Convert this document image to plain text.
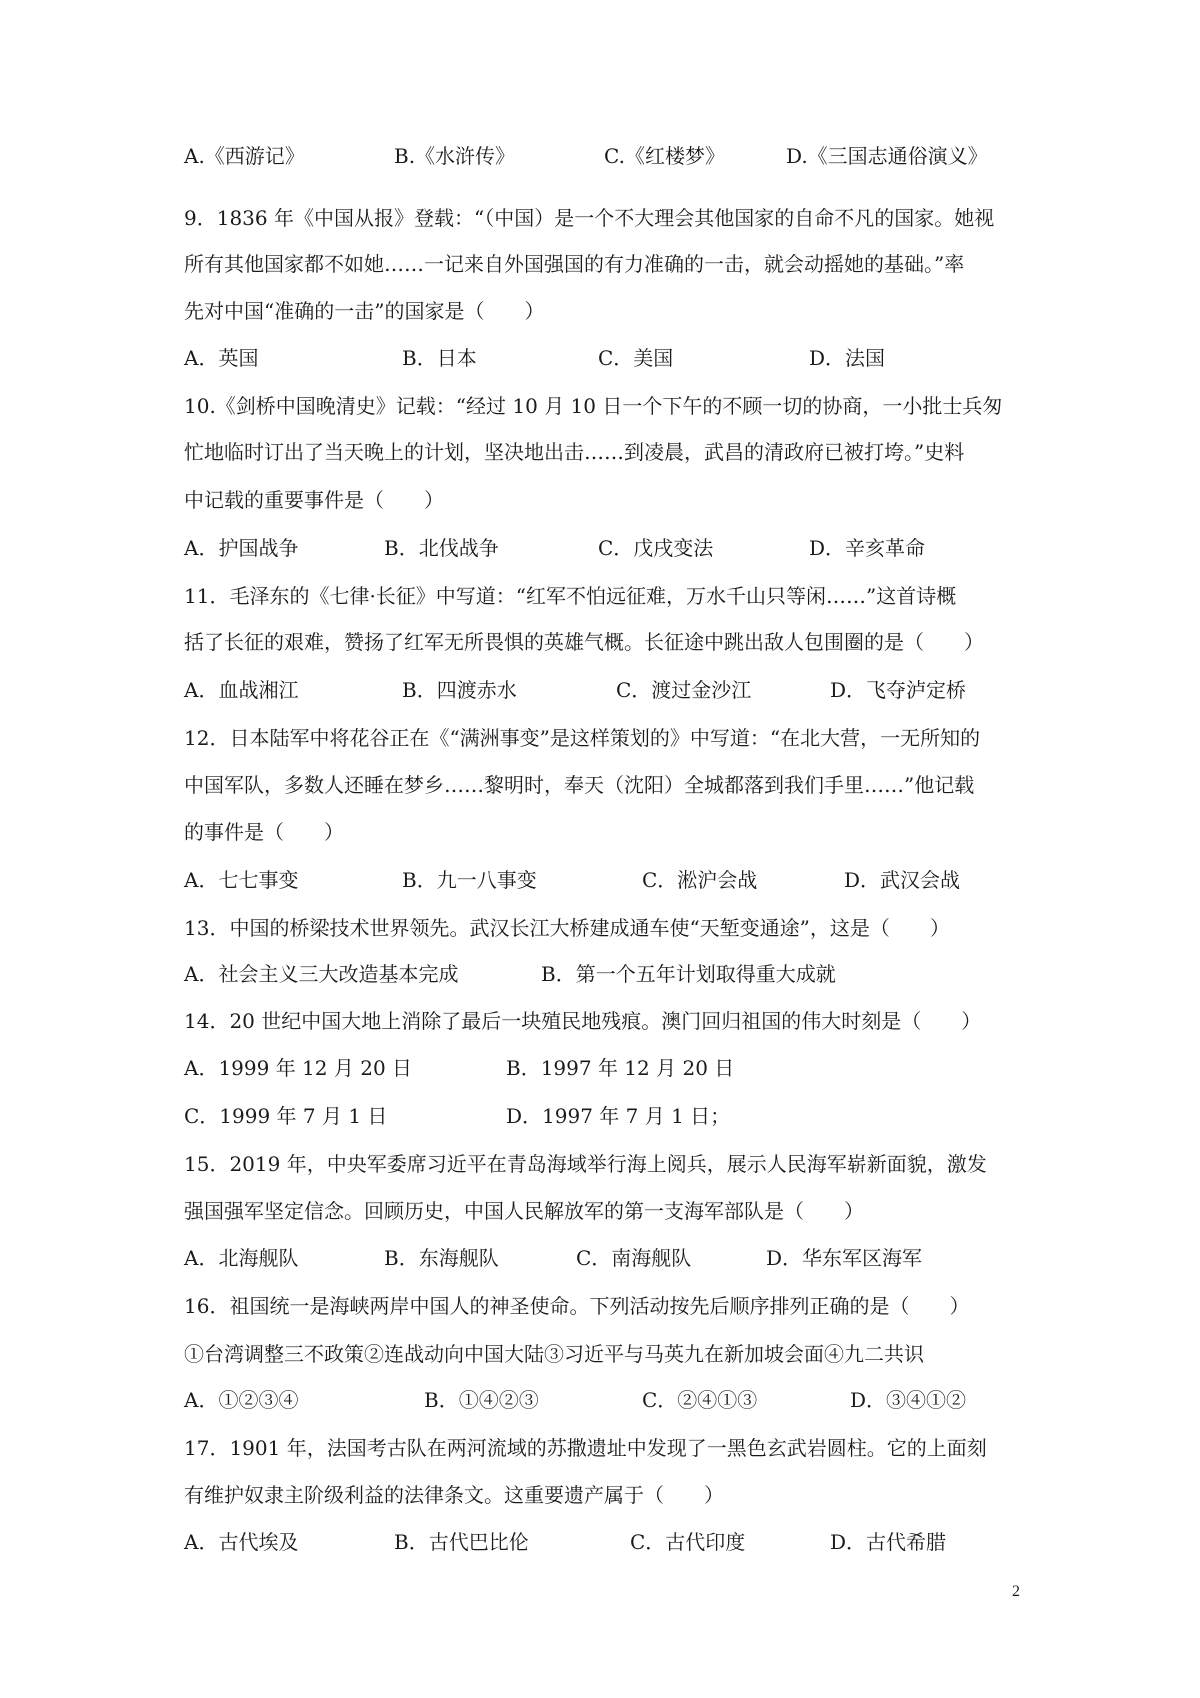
A.《西游记》	B.《水浒传》	C.《红楼梦》	D.《三国志通俗演义》
9．1836 年《中国从报》登载：“（中国）是一个不大理会其他国家的自命不凡的国家。她视
所有其他国家都不如她……一记来自外国强国的有力准确的一击，就会动摇她的基础。”率
先对中国“准确的一击”的国家是（　　）
A．英国	B．日本	C．美国	D．法国
10.《剑桥中国晚清史》记载：“经过 10 月 10 日一个下午的不顾一切的协商，一小批士兵匆
忙地临时订出了当天晚上的计划，坚决地出击……到凌晨，武昌的清政府已被打垮。”史料
中记载的重要事件是（　　）
A．护国战争	B．北伐战争	C．戊戌变法	D．辛亥革命
11．毛泽东的《七律·长征》中写道：“红军不怕远征难，万水千山只等闲……”这首诗概
括了长征的艰难，赞扬了红军无所畏惧的英雄气概。长征途中跳出敌人包围圈的是（　　）
A．血战湘江	B．四渡赤水	C．渡过金沙江	D．飞夺泸定桥
12．日本陆军中将花谷正在《“满洲事变”是这样策划的》中写道：“在北大营，一无所知的
中国军队，多数人还睡在梦乡……黎明时，奉天（沈阳）全城都落到我们手里……”他记载
的事件是（　　）
A．七七事变	B．九一八事变	C．淞沪会战	D．武汉会战
13．中国的桥梁技术世界领先。武汉长江大桥建成通车使“天堑变通途”，这是（　　）
A．社会主义三大改造基本完成	B．第一个五年计划取得重大成就
14．20 世纪中国大地上消除了最后一块殖民地残痕。澳门回归祖国的伟大时刻是（　　）
A．1999 年 12 月 20 日	B．1997 年 12 月 20 日
C．1999 年 7 月 1 日	D．1997 年 7 月 1 日；
15．2019 年，中央军委席习近平在青岛海域举行海上阅兵，展示人民海军崭新面貌，激发
强国强军坚定信念。回顾历史，中国人民解放军的第一支海军部队是（　　）
A．北海舰队	B．东海舰队	C．南海舰队	D．华东军区海军
16．祖国统一是海峡两岸中国人的神圣使命。下列活动按先后顺序排列正确的是（　　）
①台湾调整三不政策②连战动向中国大陆③习近平与马英九在新加坡会面④九二共识
A．①②③④	B．①④②③	C．②④①③	D．③④①②
17．1901 年，法国考古队在两河流域的苏撒遗址中发现了一黑色玄武岩圆柱。它的上面刻
有维护奴隶主阶级利益的法律条文。这重要遗产属于（　　）
A．古代埃及	B．古代巴比伦	C．古代印度	D．古代希腊
2
